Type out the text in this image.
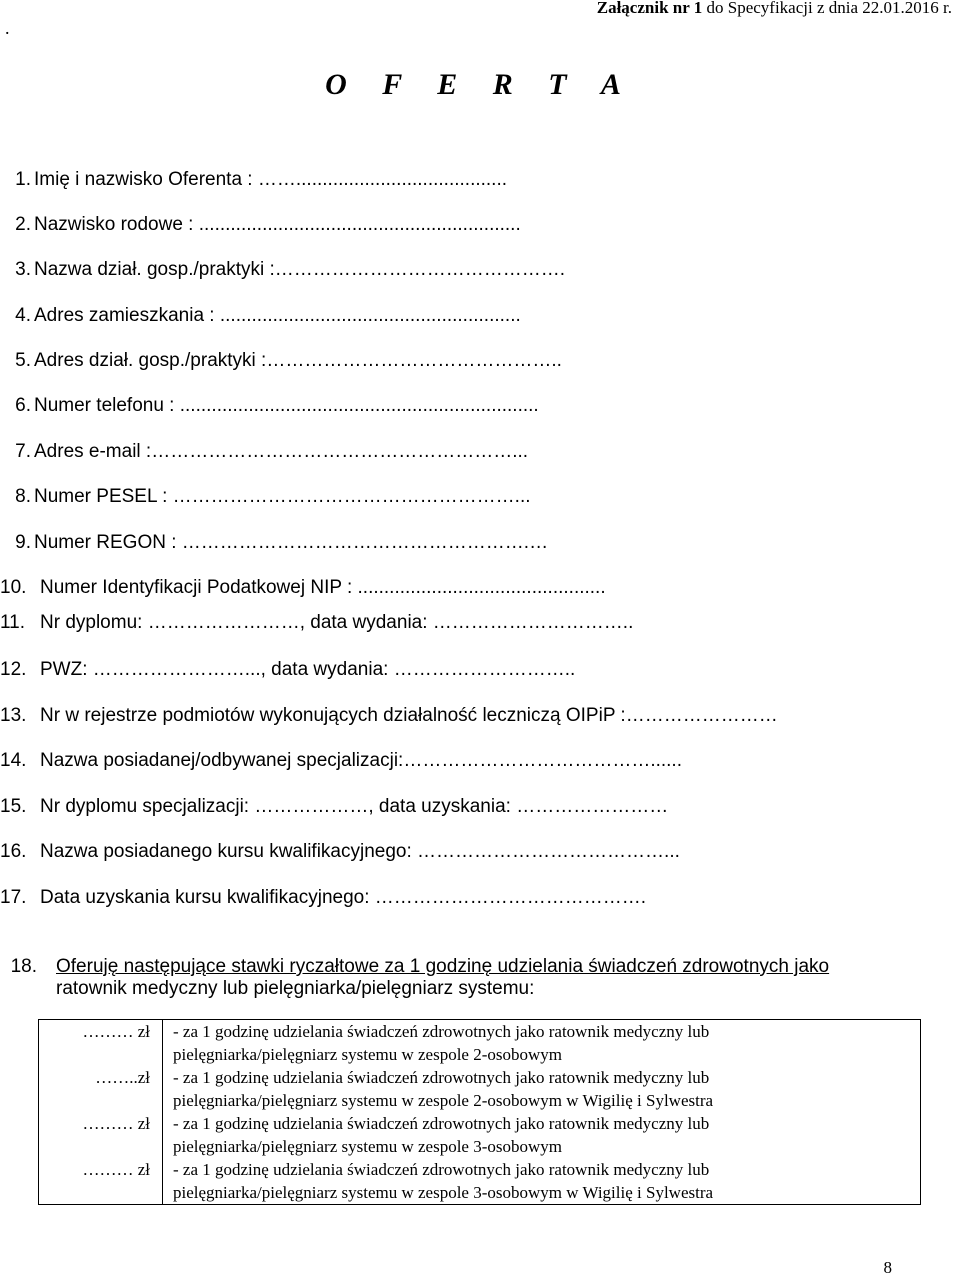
.
Załącznik nr 1 do Specyfikacji z dnia 22.01.2016 r.
O F E R T A
1. Imię i nazwisko Oferenta : ……........................................
2. Nazwisko rodowe : .............................................................
3. Nazwa dział. gosp./praktyki :……………………………………….
4. Adres zamieszkania : .........................................................
5. Adres dział. gosp./praktyki :………………………………………..
6. Numer telefonu : ....................................................................
7. Adres e-mail :…………………………………………………...
8. Numer PESEL : ………………………………………………...
9. Numer REGON : ……………………………………………….…
10. Numer Identyfikacji Podatkowej NIP : ...............................................
11. Nr dyplomu: ……………………, data wydania: …………………………..
12. PWZ: ……………………..., data wydania: ………………………..
13. Nr w rejestrze podmiotów wykonujących działalność leczniczą OIPiP :……………………
14. Nazwa posiadanej/odbywanej specjalizacji:…………………………………......
15. Nr dyplomu specjalizacji: ………………, data uzyskania: ……………………
16. Nazwa posiadanego kursu kwalifikacyjnego: …………………………………...
17. Data uzyskania kursu kwalifikacyjnego: …………………………………….
18. Oferuję następujące stawki ryczałtowe za 1 godzinę udzielania świadczeń zdrowotnych jako
ratownik medyczny lub pielęgniarka/pielęgniarz systemu:
……… zł	- za 1 godzinę udzielania świadczeń zdrowotnych jako ratownik medyczny lub
pielęgniarka/pielęgniarz systemu w zespole 2-osobowym
……..zł	- za 1 godzinę udzielania świadczeń zdrowotnych jako ratownik medyczny lub
pielęgniarka/pielęgniarz systemu w zespole 2-osobowym w Wigilię i Sylwestra
……… zł	- za 1 godzinę udzielania świadczeń zdrowotnych jako ratownik medyczny lub
pielęgniarka/pielęgniarz systemu w zespole 3-osobowym
……… zł	- za 1 godzinę udzielania świadczeń zdrowotnych jako ratownik medyczny lub
pielęgniarka/pielęgniarz systemu w zespole 3-osobowym w Wigilię i Sylwestra
8
